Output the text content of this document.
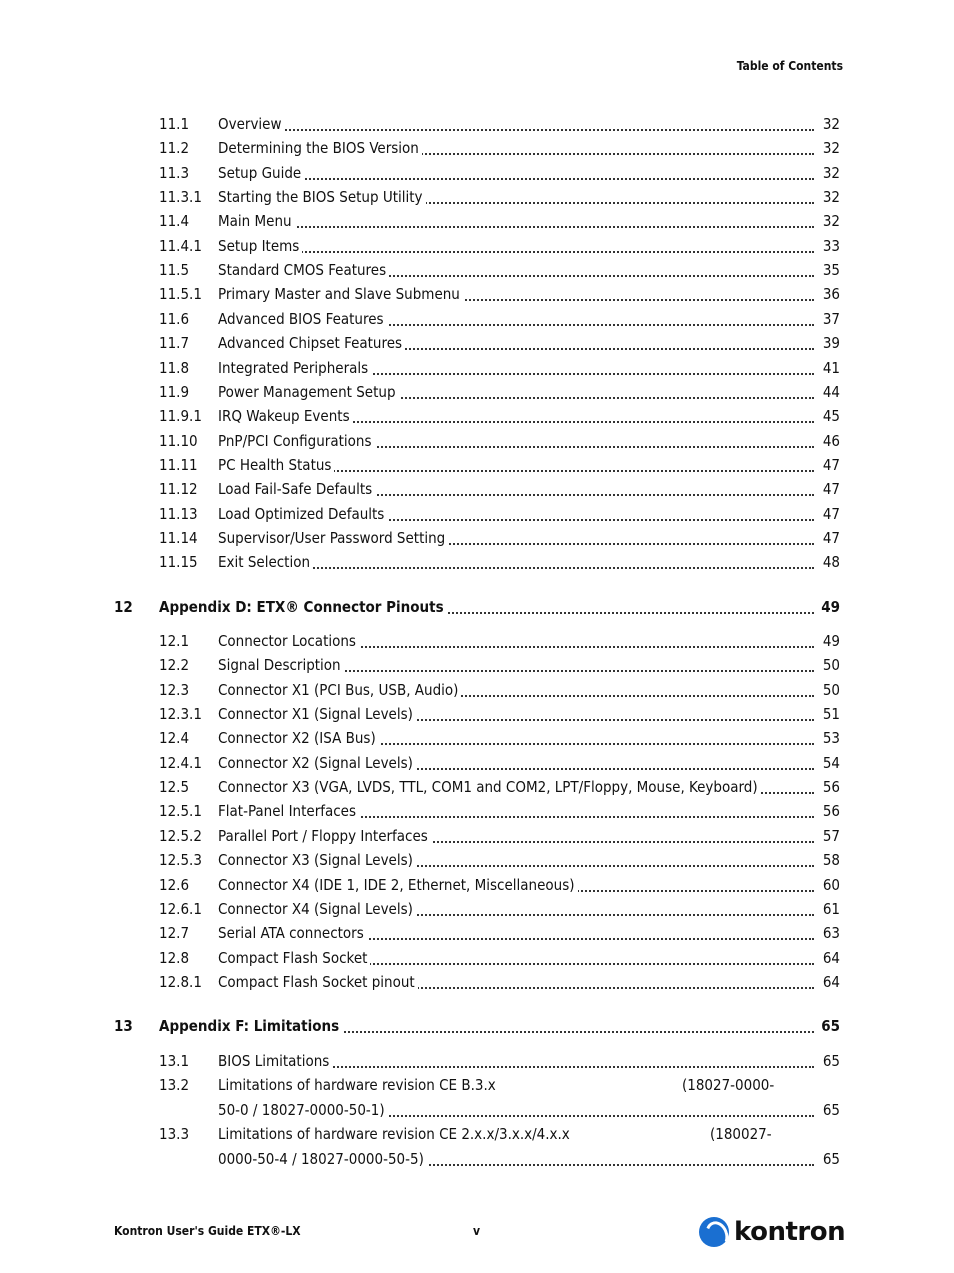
Table of Contents
11.1 Overview	32
11.2 Determining the BIOS Version	32
11.3 Setup Guide	32
11.3.1 Starting the BIOS Setup Utility	32
11.4 Main Menu	32
11.4.1 Setup Items	33
11.5 Standard CMOS Features	35
11.5.1 Primary Master and Slave Submenu	36
11.6 Advanced BIOS Features	37
11.7 Advanced Chipset Features	39
11.8 Integrated Peripherals	41
11.9 Power Management Setup	44
11.9.1 IRQ Wakeup Events	45
11.10 PnP/PCI Configurations	46
11.11 PC Health Status	47
11.12 Load Fail-Safe Defaults	47
11.13 Load Optimized Defaults	47
11.14 Supervisor/User Password Setting	47
11.15 Exit Selection	48
12 Appendix D: ETX® Connector Pinouts	49
12.1 Connector Locations	49
12.2 Signal Description	50
12.3 Connector X1 (PCI Bus, USB, Audio)	50
12.3.1 Connector X1 (Signal Levels)	51
12.4 Connector X2 (ISA Bus)	53
12.4.1 Connector X2 (Signal Levels)	54
12.5 Connector X3 (VGA, LVDS, TTL, COM1 and COM2, LPT/Floppy, Mouse, Keyboard)	56
12.5.1 Flat-Panel Interfaces	56
12.5.2 Parallel Port / Floppy Interfaces	57
12.5.3 Connector X3 (Signal Levels)	58
12.6 Connector X4 (IDE 1, IDE 2, Ethernet, Miscellaneous)	60
12.6.1 Connector X4 (Signal Levels)	61
12.7 Serial ATA connectors	63
12.8 Compact Flash Socket	64
12.8.1 Compact Flash Socket pinout	64
13 Appendix F: Limitations	65
13.1 BIOS Limitations	65
13.2 Limitations of hardware revision CE B.3.x	(18027-0000-
50-0 / 18027-0000-50-1)	65
13.3 Limitations of hardware revision CE 2.x.x/3.x.x/4.x.x	(180027-
0000-50-4 / 18027-0000-50-5)	65
Kontron User's Guide ETX®-LX	v	kontron
